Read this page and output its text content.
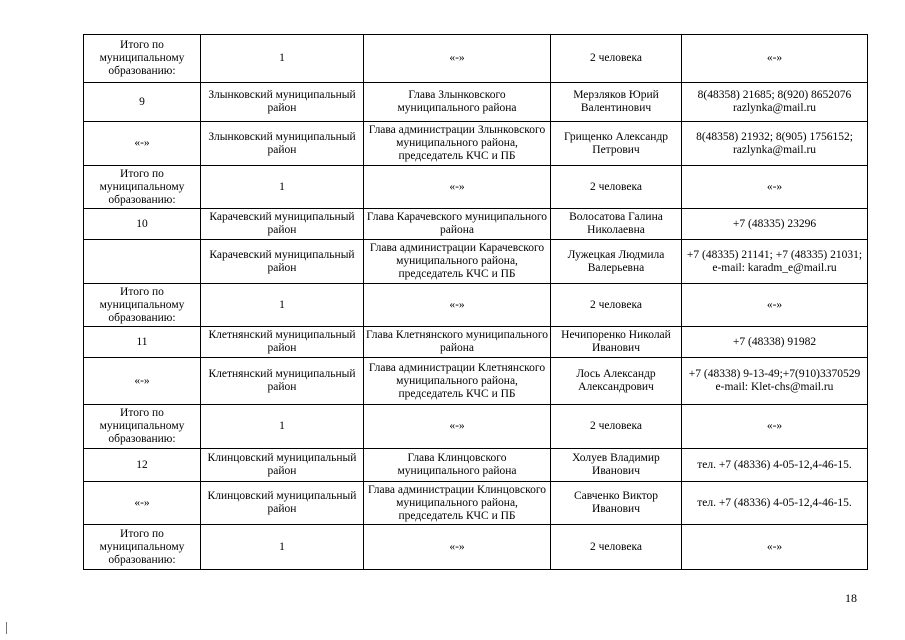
Итого по муниципальному образованию:	1	«-»	2 человека	«-»
9	Злынковский муниципальный район	Глава Злынковского муниципального района	Мерзляков Юрий Валентинович	8(48358) 21685; 8(920) 8652076 razlynka@mail.ru
«-»	Злынковский муниципальный район	Глава администрации Злынковского муниципального района, председатель КЧС и ПБ	Грищенко Александр Петрович	8(48358) 21932; 8(905) 1756152; razlynka@mail.ru
Итого по муниципальному образованию:	1	«-»	2 человека	«-»
10	Карачевский муниципальный район	Глава Карачевского муниципального района	Волосатова Галина Николаевна	+7 (48335) 23296
	Карачевский муниципальный район	Глава администрации Карачевского муниципального района, председатель КЧС и ПБ	Лужецкая Людмила Валерьевна	+7 (48335) 21141; +7 (48335) 21031; e-mail: karadm_e@mail.ru
Итого по муниципальному образованию:	1	«-»	2 человека	«-»
11	Клетнянский муниципальный район	Глава Клетнянского муниципального района	Нечипоренко Николай Иванович	+7 (48338) 91982
«-»	Клетнянский муниципальный район	Глава администрации Клетнянского муниципального района, председатель КЧС и ПБ	Лось Александр Александрович	+7 (48338) 9-13-49;+7(910)3370529 e-mail: Klet-chs@mail.ru
Итого по муниципальному образованию:	1	«-»	2 человека	«-»
12	Клинцовский муниципальный район	Глава Клинцовского муниципального района	Холуев Владимир Иванович	тел. +7 (48336) 4-05-12,4-46-15.
«-»	Клинцовский муниципальный район	Глава администрации Клинцовского муниципального района, председатель КЧС и ПБ	Савченко Виктор Иванович	тел. +7 (48336) 4-05-12,4-46-15.
Итого по муниципальному образованию:	1	«-»	2 человека	«-»
18
